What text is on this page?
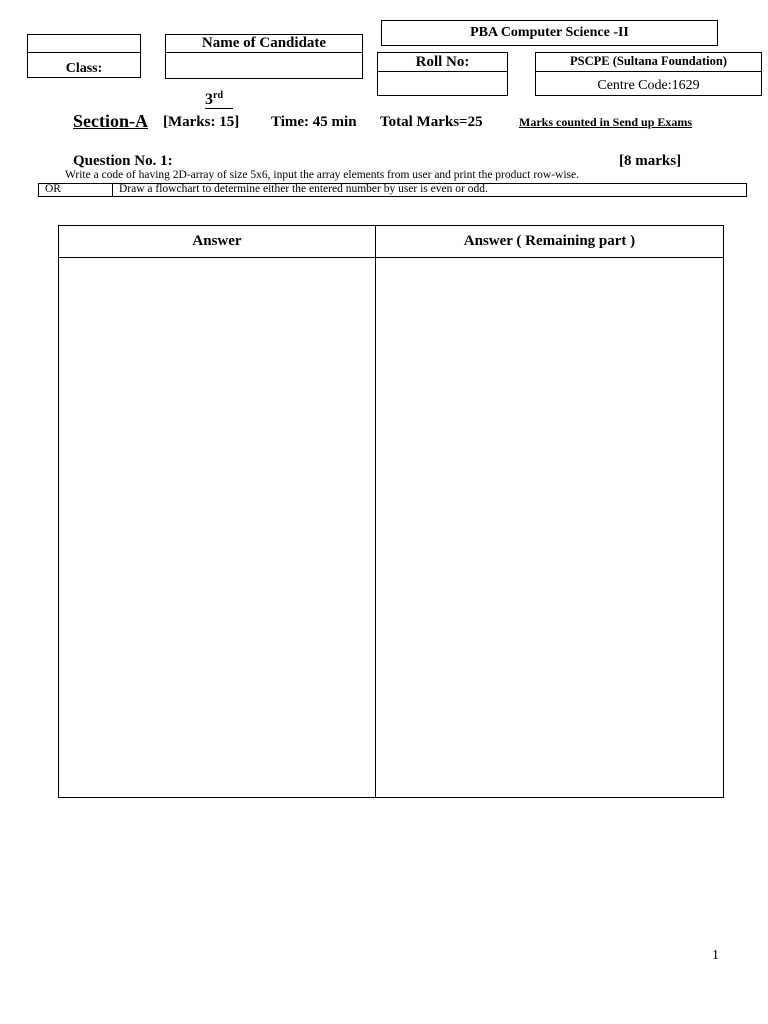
Class:
Name of Candidate
PBA Computer Science -II
Roll No:	PSCPE (Sultana Foundation)
Centre Code:1629
3rd
Section-A [Marks: 15] Time: 45 min Total Marks=25	Marks counted in Send up Exams
Question No. 1:	[8 marks]
Write a code of having 2D-array of size 5x6, input the array elements from user and print the product row-wise.
OR	Draw a flowchart to determine either the entered number by user is even or odd.
Answer	Answer ( Remaining part )

1
